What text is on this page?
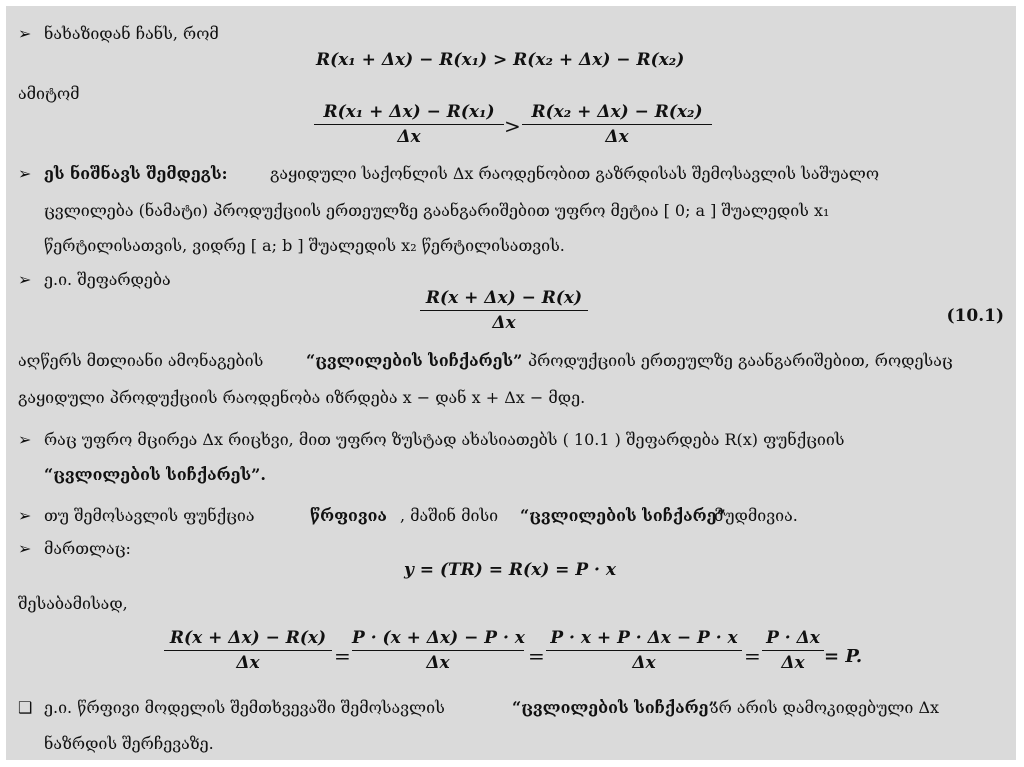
➢ ნახაზიდან ჩანს, რომ
R(x₁ + Δx) − R(x₁) > R(x₂ + Δx) − R(x₂)
ამიტომ
R(x₁ + Δx) − R(x₁)
Δx	>
R(x₂ + Δx) − R(x₂)
Δx
➢ ეს ნიშნავს შემდეგს:	გაყიდული საქონლის Δx რაოდენობით გაზრდისას შემოსავლის საშუალო
ცვლილება (ნამატი) პროდუქციის ერთეულზე გაანგარიშებით უფრო მეტია [ 0; a ] შუალედის x₁
წერტილისათვის, ვიდრე [ a; b ] შუალედის x₂ წერტილისათვის.
➢ ე.ი. შეფარდება
R(x + Δx) − R(x)
Δx	(10.1)
აღწერს მთლიანი ამონაგების	“ცვლილების სიჩქარეს” პროდუქციის ერთეულზე გაანგარიშებით, როდესაც
გაყიდული პროდუქციის რაოდენობა იზრდება x − დან x + Δx − მდე.
➢ რაც უფრო მცირეა Δx რიცხვი, მით უფრო ზუსტად ახასიათებს ( 10.1 ) შეფარდება R(x) ფუნქციის
“ცვლილების სიჩქარეს”.
➢ თუ შემოსავლის ფუნქცია	წრფივია , მაშინ მისი “ცვლილების სიჩქარე”
მუდმივია.
➢ მართლაც:
y = (TR) = R(x) = P · x
შესაბამისად,
R(x + Δx) − R(x)
Δx	=
P · (x + Δx) − P · x
Δx	=
P · x + P · Δx − P · x
Δx	=
P · Δx
Δx	= P.
❑ ე.ი. წრფივი მოდელის შემთხვევაში შემოსავლის	“ცვლილების სიჩქარე”
არ არის დამოკიდებული Δx
ნაზრდის შერჩევაზე.
